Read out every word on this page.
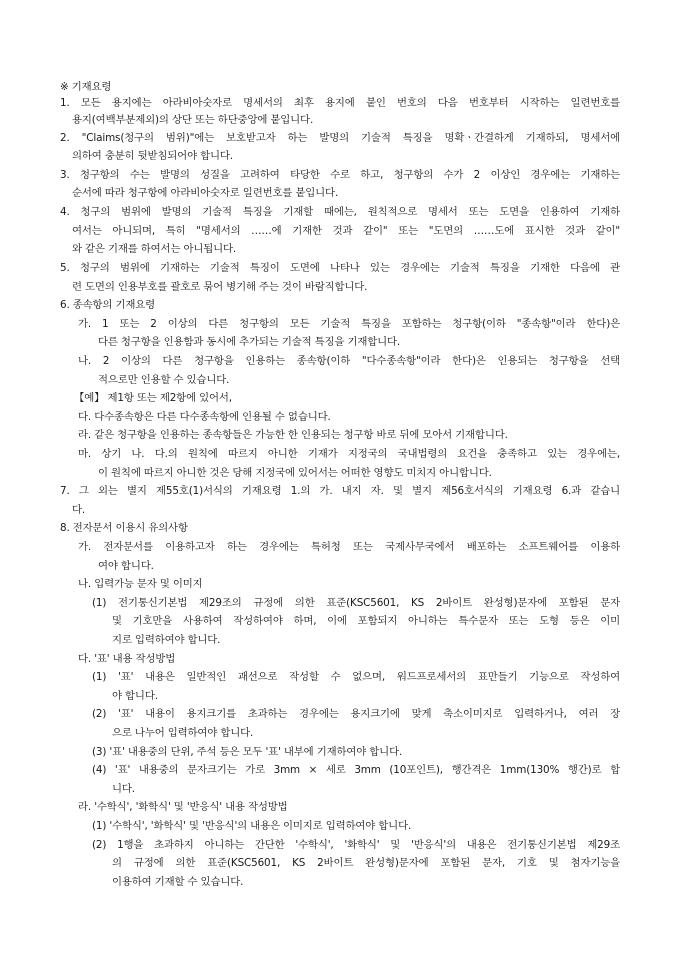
※ 기재요령
1. 모든 용지에는 아라비아숫자로 명세서의 최후 용지에 붙인 번호의 다음 번호부터 시작하는 일련번호를
용지(여백부분제외)의 상단 또는 하단중앙에 붙입니다.
2. "Claims(청구의 범위)"에는 보호받고자 하는 발명의 기술적 특징을 명확ㆍ간결하게 기재하되, 명세서에
의하여 충분히 뒷받침되어야 합니다.
3. 청구항의 수는 발명의 성질을 고려하여 타당한 수로 하고, 청구항의 수가 2 이상인 경우에는 기재하는
순서에 따라 청구항에 아라비아숫자로 일련번호를 붙입니다.
4. 청구의 범위에 발명의 기술적 특징을 기재할 때에는, 원칙적으로 명세서 또는 도면을 인용하여 기재하
여서는 아니되며, 특히 "명세서의 ……에 기재한 것과 같이" 또는 "도면의 ……도에 표시한 것과 같이"
와 같은 기재를 하여서는 아니됩니다.
5. 청구의 범위에 기재하는 기술적 특징이 도면에 나타나 있는 경우에는 기술적 특징을 기재한 다음에 관
련 도면의 인용부호를 괄호로 묶어 병기해 주는 것이 바람직합니다.
6. 종속항의 기재요령
가. 1 또는 2 이상의 다른 청구항의 모든 기술적 특징을 포함하는 청구항(이하 "종속항"이라 한다)은
다른 청구항을 인용함과 동시에 추가되는 기술적 특징을 기재합니다.
나. 2 이상의 다른 청구항을 인용하는 종속항(이하 "다수종속항"이라 한다)은 인용되는 청구항을 선택
적으로만 인용할 수 있습니다.
【예】 제1항 또는 제2항에 있어서,
다. 다수종속항은 다른 다수종속항에 인용될 수 없습니다.
라. 같은 청구항을 인용하는 종속항들은 가능한 한 인용되는 청구항 바로 뒤에 모아서 기재합니다.
마. 상기 나. 다.의 원칙에 따르지 아니한 기재가 지정국의 국내법령의 요건을 충족하고 있는 경우에는,
이 원칙에 따르지 아니한 것은 당해 지정국에 있어서는 어떠한 영향도 미치지 아니합니다.
7. 그 외는 별지 제55호(1)서식의 기재요령 1.의 가. 내지 자. 및 별지 제56호서식의 기재요령 6.과 같습니
다.
8. 전자문서 이용시 유의사항
가. 전자문서를 이용하고자 하는 경우에는 특허청 또는 국제사무국에서 배포하는 소프트웨어를 이용하
여야 합니다.
나. 입력가능 문자 및 이미지
(1) 전기통신기본법 제29조의 규정에 의한 표준(KSC5601, KS 2바이트 완성형)문자에 포함된 문자
및 기호만을 사용하여 작성하여야 하며, 이에 포함되지 아니하는 특수문자 또는 도형 등은 이미
지로 입력하여야 합니다.
다. '표' 내용 작성방법
(1) '표' 내용은 일반적인 괘선으로 작성할 수 없으며, 워드프로세서의 표만들기 기능으로 작성하여
야 합니다.
(2) '표' 내용이 용지크기를 초과하는 경우에는 용지크기에 맞게 축소이미지로 입력하거나, 여러 장
으로 나누어 입력하여야 합니다.
(3) '표' 내용중의 단위, 주석 등은 모두 '표' 내부에 기재하여야 합니다.
(4) '표' 내용중의 문자크기는 가로 3mm × 세로 3mm (10포인트), 행간격은 1mm(130% 행간)로 합
니다.
라. '수학식', '화학식' 및 '반응식' 내용 작성방법
(1) '수학식', '화학식' 및 '반응식'의 내용은 이미지로 입력하여야 합니다.
(2) 1행을 초과하지 아니하는 간단한 '수학식', '화학식' 및 '반응식'의 내용은 전기통신기본법 제29조
의 규정에 의한 표준(KSC5601, KS 2바이트 완성형)문자에 포함된 문자, 기호 및 첨자기능을
이용하여 기재할 수 있습니다.
